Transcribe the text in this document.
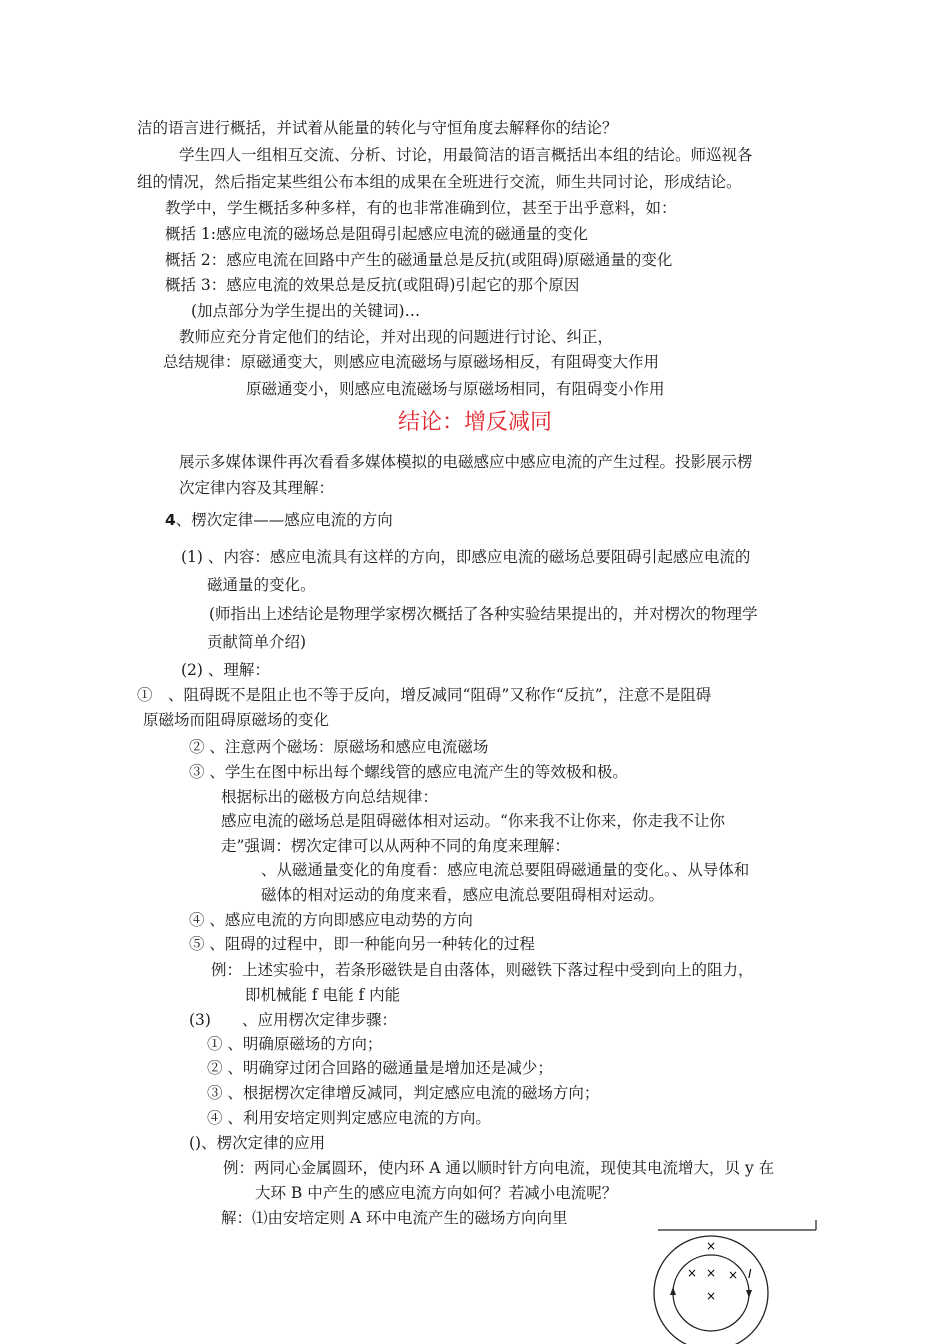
洁的语言进行概括，并试着从能量的转化与守恒角度去解释你的结论？
学生四人一组相互交流、分析、讨论，用最简洁的语言概括出本组的结论。师巡视各
组的情况，然后指定某些组公布本组的成果在全班进行交流，师生共同讨论，形成结论。
教学中，学生概括多种多样，有的也非常准确到位，甚至于出乎意料，如：
概括 1:感应电流的磁场总是阻碍引起感应电流的磁通量的变化
概括 2：感应电流在回路中产生的磁通量总是反抗(或阻碍)原磁通量的变化
概括 3：感应电流的效果总是反抗(或阻碍)引起它的那个原因
(加点部分为学生提出的关键词)…
教师应充分肯定他们的结论，并对出现的问题进行讨论、纠正，
总结规律：原磁通变大，则感应电流磁场与原磁场相反，有阻碍变大作用
原磁通变小，则感应电流磁场与原磁场相同，有阻碍变小作用
结论：增反减同
展示多媒体课件再次看看多媒体模拟的电磁感应中感应电流的产生过程。投影展示楞
次定律内容及其理解：
4、楞次定律——感应电流的方向
(1) 、内容：感应电流具有这样的方向，即感应电流的磁场总要阻碍引起感应电流的
磁通量的变化。
(师指出上述结论是物理学家楞次概括了各种实验结果提出的，并对楞次的物理学
贡献简单介绍)
(2) 、理解：
①　、阻碍既不是阻止也不等于反向，增反减同“阻碍”又称作“反抗”，注意不是阻碍
原磁场而阻碍原磁场的变化
② 、注意两个磁场：原磁场和感应电流磁场
③ 、学生在图中标出每个螺线管的感应电流产生的等效极和极。
根据标出的磁极方向总结规律：
感应电流的磁场总是阻碍磁体相对运动。“你来我不让你来，你走我不让你
走”强调：楞次定律可以从两种不同的角度来理解：
、从磁通量变化的角度看：感应电流总要阻碍磁通量的变化。、从导体和
磁体的相对运动的角度来看，感应电流总要阻碍相对运动。
④ 、感应电流的方向即感应电动势的方向
⑤ 、阻碍的过程中，即一种能向另一种转化的过程
例：上述实验中，若条形磁铁是自由落体，则磁铁下落过程中受到向上的阻力，
即机械能 f 电能 f 内能
(3)　　、应用楞次定律步骤：
① 、明确原磁场的方向；
② 、明确穿过闭合回路的磁通量是增加还是减少；
③ 、根据楞次定律增反减同，判定感应电流的磁场方向；
④ 、利用安培定则判定感应电流的方向。
()、楞次定律的应用
例：两同心金属圆环，使内环 A 通以顺时针方向电流，现使其电流增大，贝 y 在
大环 B 中产生的感应电流方向如何？若减小电流呢？
解：⑴由安培定则 A 环中电流产生的磁场方向向里
×
× × ×
×
I
